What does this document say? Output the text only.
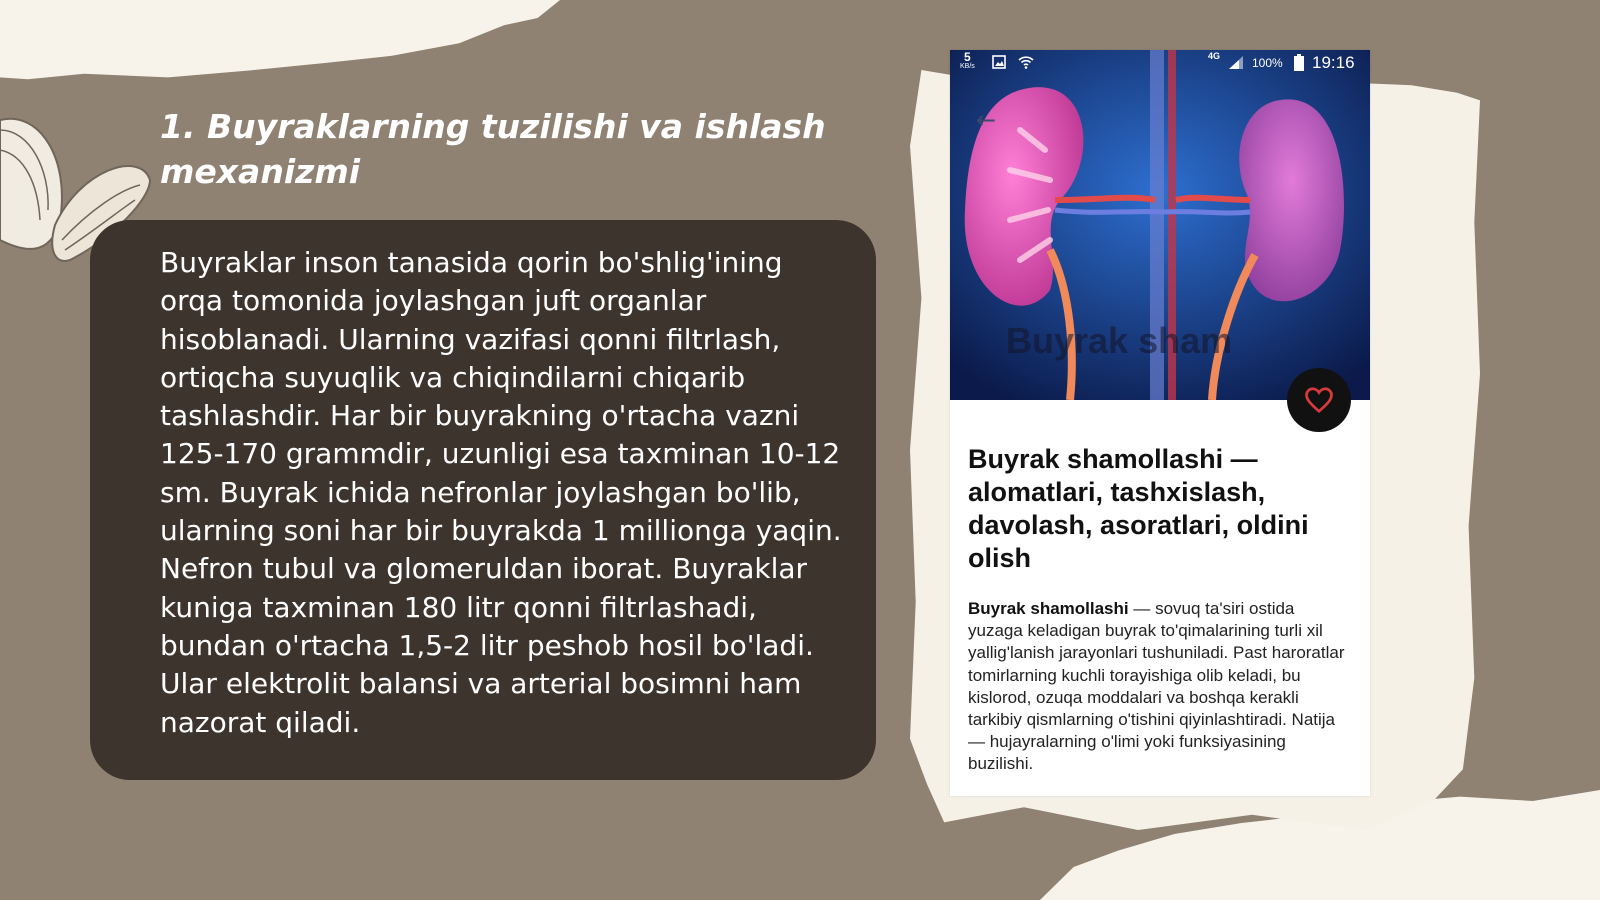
1. Buyraklarning tuzilishi va ishlash mexanizmi

Buyraklar inson tanasida qorin bo'shlig'ining orqa tomonida joylashgan juft organlar hisoblanadi. Ularning vazifasi qonni filtrlash, ortiqcha suyuqlik va chiqindilarni chiqarib tashlashdir. Har bir buyrakning o'rtacha vazni 125-170 grammdir, uzunligi esa taxminan 10-12 sm. Buyrak ichida nefronlar joylashgan bo'lib, ularning soni har bir buyrakda 1 millionga yaqin. Nefron tubul va glomeruldan iborat. Buyraklar kuniga taxminan 180 litr qonni filtrlashadi, bundan o'rtacha 1,5-2 litr peshob hosil bo'ladi. Ular elektrolit balansi va arterial bosimni ham nazorat qiladi.

5
KB/s
4G	100% 19:16
←
Buyrak sham
Buyrak shamollashi — alomatlari, tashxislash, davolash, asoratlari, oldini olish

Buyrak shamollashi — sovuq ta'siri ostida yuzaga keladigan buyrak to'qimalarining turli xil yallig'lanish jarayonlari tushuniladi. Past haroratlar tomirlarning kuchli torayishiga olib keladi, bu kislorod, ozuqa moddalari va boshqa kerakli tarkibiy qismlarning o'tishini qiyinlashtiradi. Natija — hujayralarning o'limi yoki funksiyasining buzilishi.
